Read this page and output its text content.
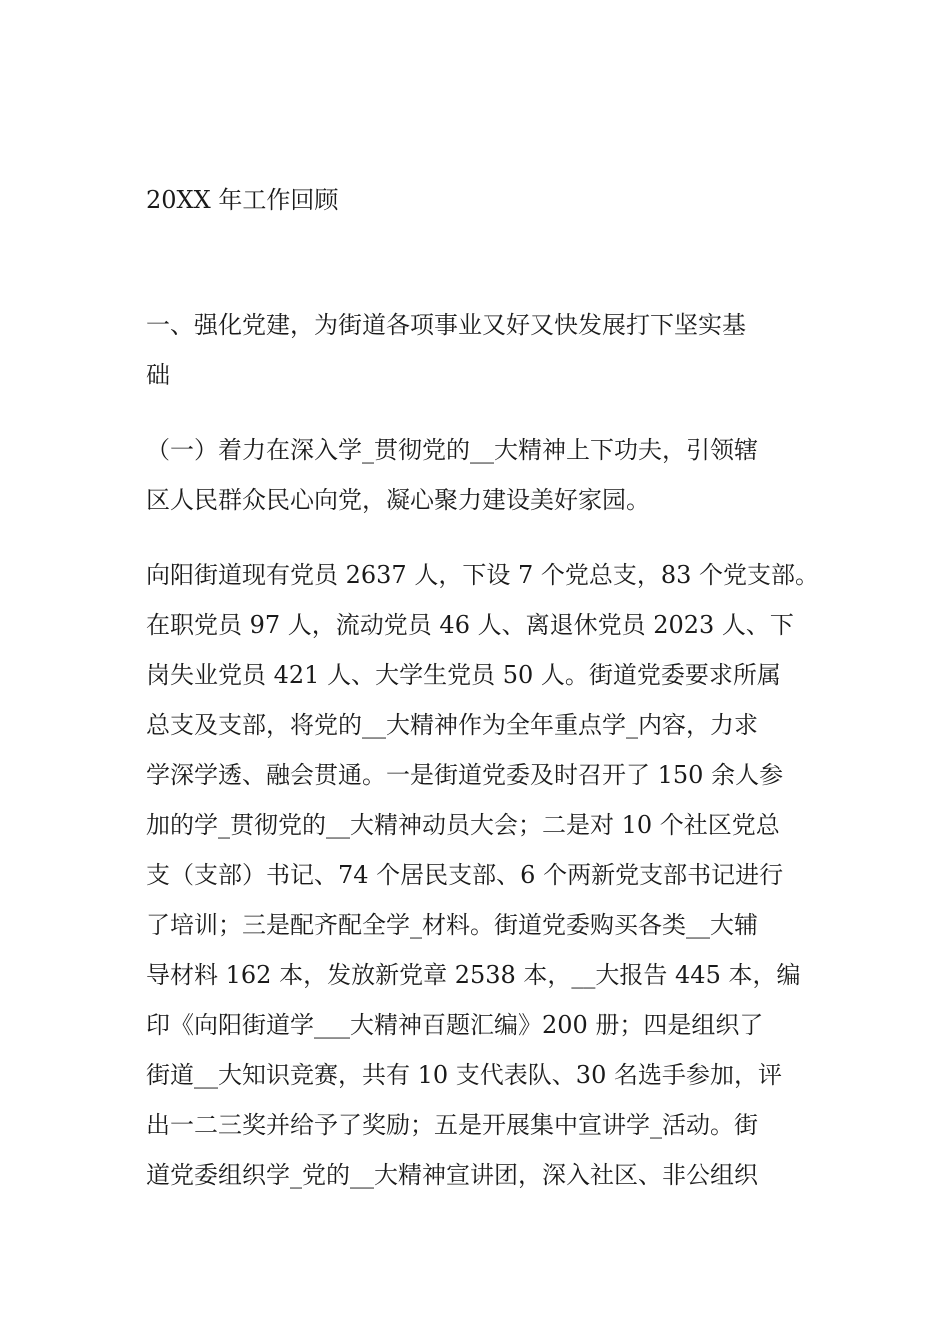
20XX 年工作回顾

一、强化党建，为街道各项事业又好又快发展打下坚实基
础

（一）着力在深入学_贯彻党的__大精神上下功夫，引领辖
区人民群众民心向党，凝心聚力建设美好家园。

向阳街道现有党员 2637 人，下设 7 个党总支，83 个党支部。
在职党员 97 人，流动党员 46 人、离退休党员 2023 人、下
岗失业党员 421 人、大学生党员 50 人。街道党委要求所属
总支及支部，将党的__大精神作为全年重点学_内容，力求
学深学透、融会贯通。一是街道党委及时召开了 150 余人参
加的学_贯彻党的__大精神动员大会；二是对 10 个社区党总
支（支部）书记、74 个居民支部、6 个两新党支部书记进行
了培训；三是配齐配全学_材料。街道党委购买各类__大辅
导材料 162 本，发放新党章 2538 本，__大报告 445 本，编
印《向阳街道学___大精神百题汇编》200 册；四是组织了
街道__大知识竞赛，共有 10 支代表队、30 名选手参加，评
出一二三奖并给予了奖励；五是开展集中宣讲学_活动。街
道党委组织学_党的__大精神宣讲团，深入社区、非公组织
